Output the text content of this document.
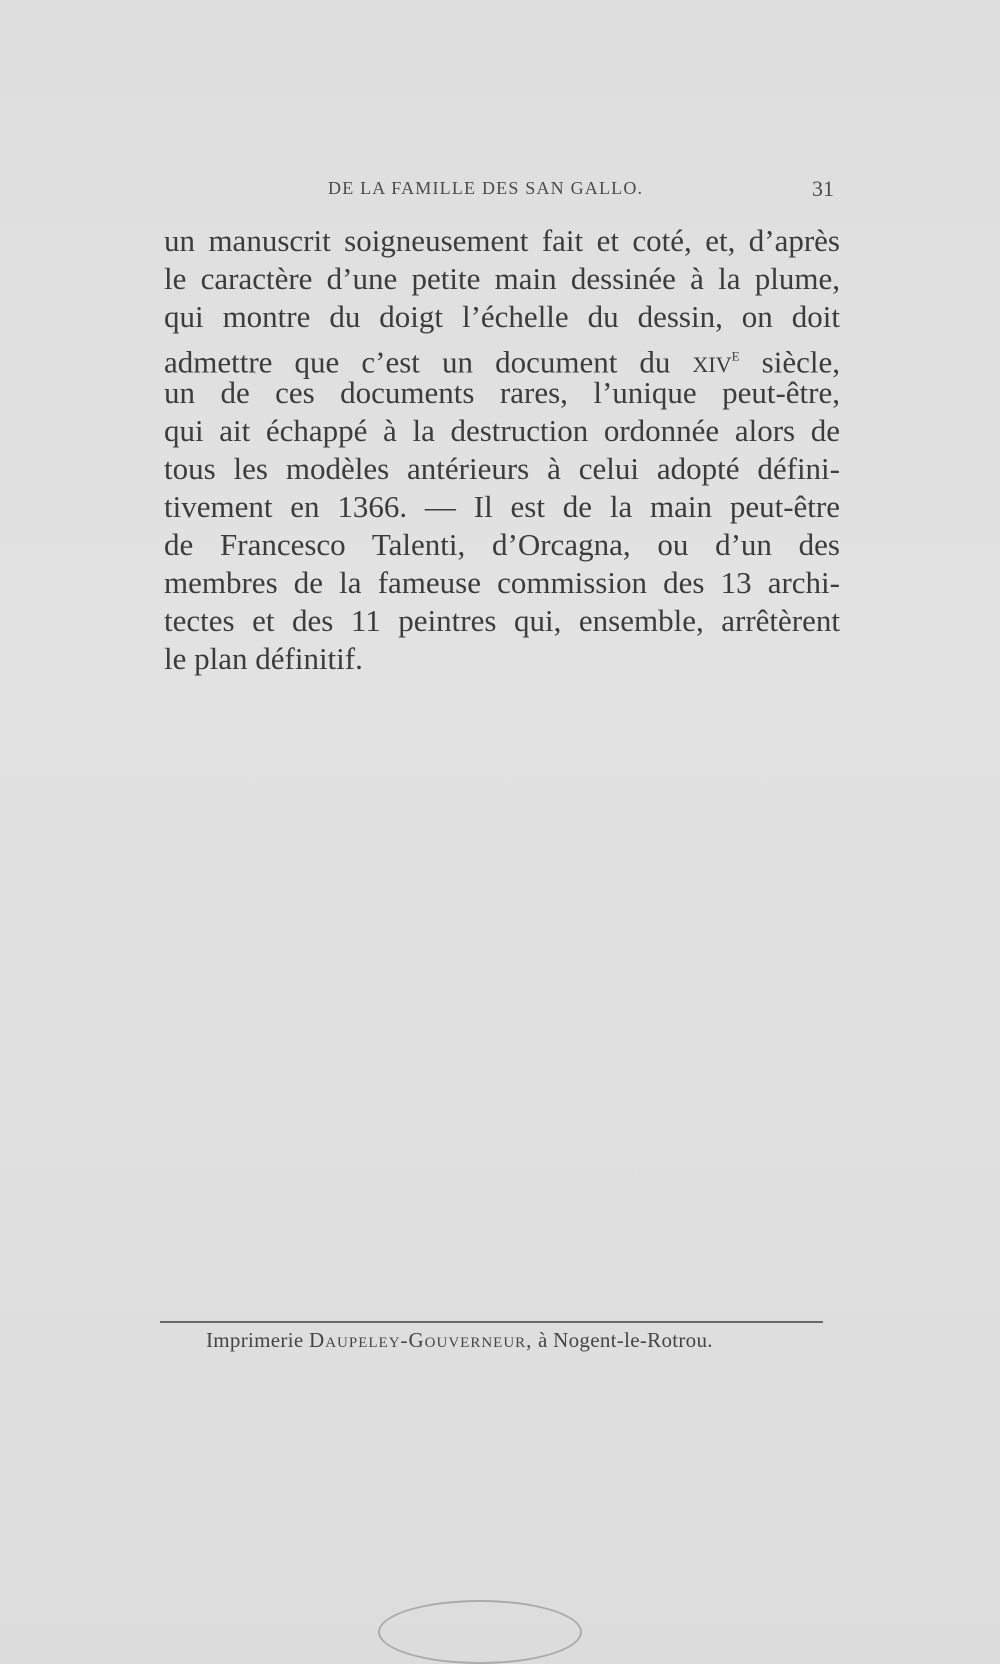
DE LA FAMILLE DES SAN GALLO.	31
un manuscrit soigneusement fait et coté, et, d’après
le caractère d’une petite main dessinée à la plume,
qui montre du doigt l’échelle du dessin, on doit
admettre que c’est un document du xiv$^e$ siècle,
un de ces documents rares, l’unique peut-être,
qui ait échappé à la destruction ordonnée alors de
tous les modèles antérieurs à celui adopté défini-
tivement en 1366. — Il est de la main peut-être
de Francesco Talenti, d’Orcagna, ou d’un des
membres de la fameuse commission des 13 archi-
tectes et des 11 peintres qui, ensemble, arrêtèrent
le plan définitif.
Imprimerie Daupeley-Gouverneur, à Nogent-le-Rotrou.
